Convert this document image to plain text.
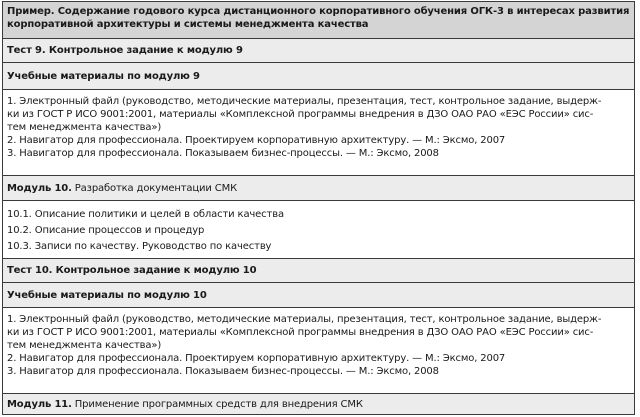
Пример. Содержание годового курса дистанционного корпоративного обучения ОГК-3 в интересах развития
корпоративной архитектуры и системы менеджмента качества
Тест 9. Контрольное задание к модулю 9
Учебные материалы по модулю 9
1. Электронный файл (руководство, методические материалы, презентация, тест, контрольное задание, выдерж-
ки из ГОСТ Р ИСО 9001:2001, материалы «Комплексной программы внедрения в ДЗО ОАО РАО «ЕЭС России» сис-
тем менеджмента качества»)
2. Навигатор для профессионала. Проектируем корпоративную архитектуру. — М.: Эксмо, 2007
3. Навигатор для профессионала. Показываем бизнес-процессы. — М.: Эксмо, 2008
Модуль 10. Разработка документации СМК
10.1. Описание политики и целей в области качества
10.2. Описание процессов и процедур
10.3. Записи по качеству. Руководство по качеству
Тест 10. Контрольное задание к модулю 10
Учебные материалы по модулю 10
1. Электронный файл (руководство, методические материалы, презентация, тест, контрольное задание, выдерж-
ки из ГОСТ Р ИСО 9001:2001, материалы «Комплексной программы внедрения в ДЗО ОАО РАО «ЕЭС России» сис-
тем менеджмента качества»)
2. Навигатор для профессионала. Проектируем корпоративную архитектуру. — М.: Эксмо, 2007
3. Навигатор для профессионала. Показываем бизнес-процессы. — М.: Эксмо, 2008
Модуль 11. Применение программных средств для внедрения СМК
